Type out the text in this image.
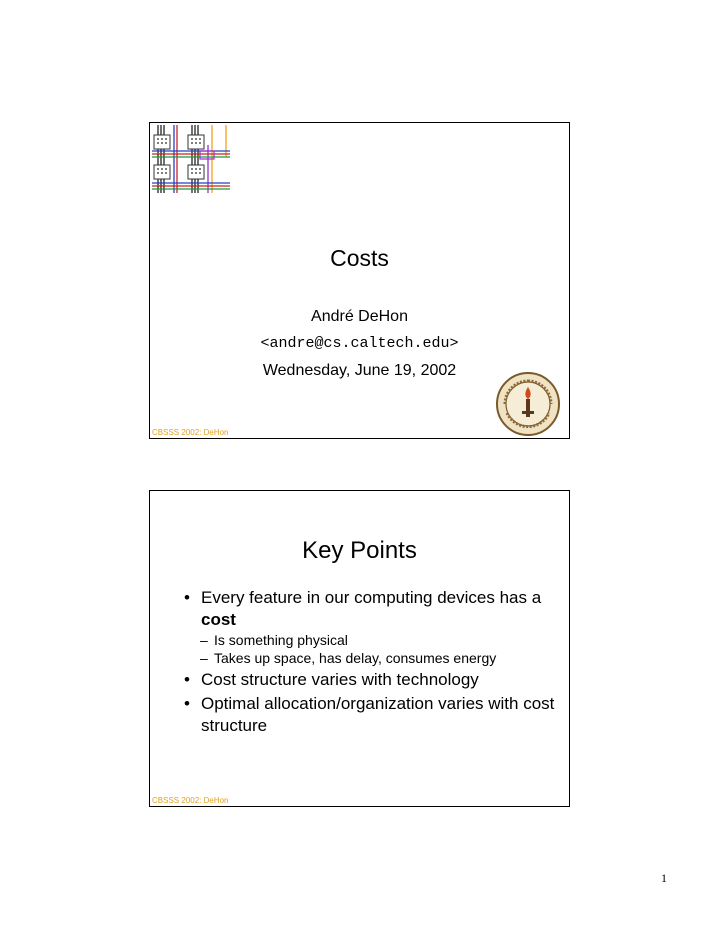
Costs
André DeHon
<andre@cs.caltech.edu>
Wednesday, June 19, 2002
CBSSS 2002: DeHon
Key Points
• Every feature in our computing devices has a cost
– Is something physical
– Takes up space, has delay, consumes energy
• Cost structure varies with technology
• Optimal allocation/organization varies with cost structure
CBSSS 2002: DeHon
1
